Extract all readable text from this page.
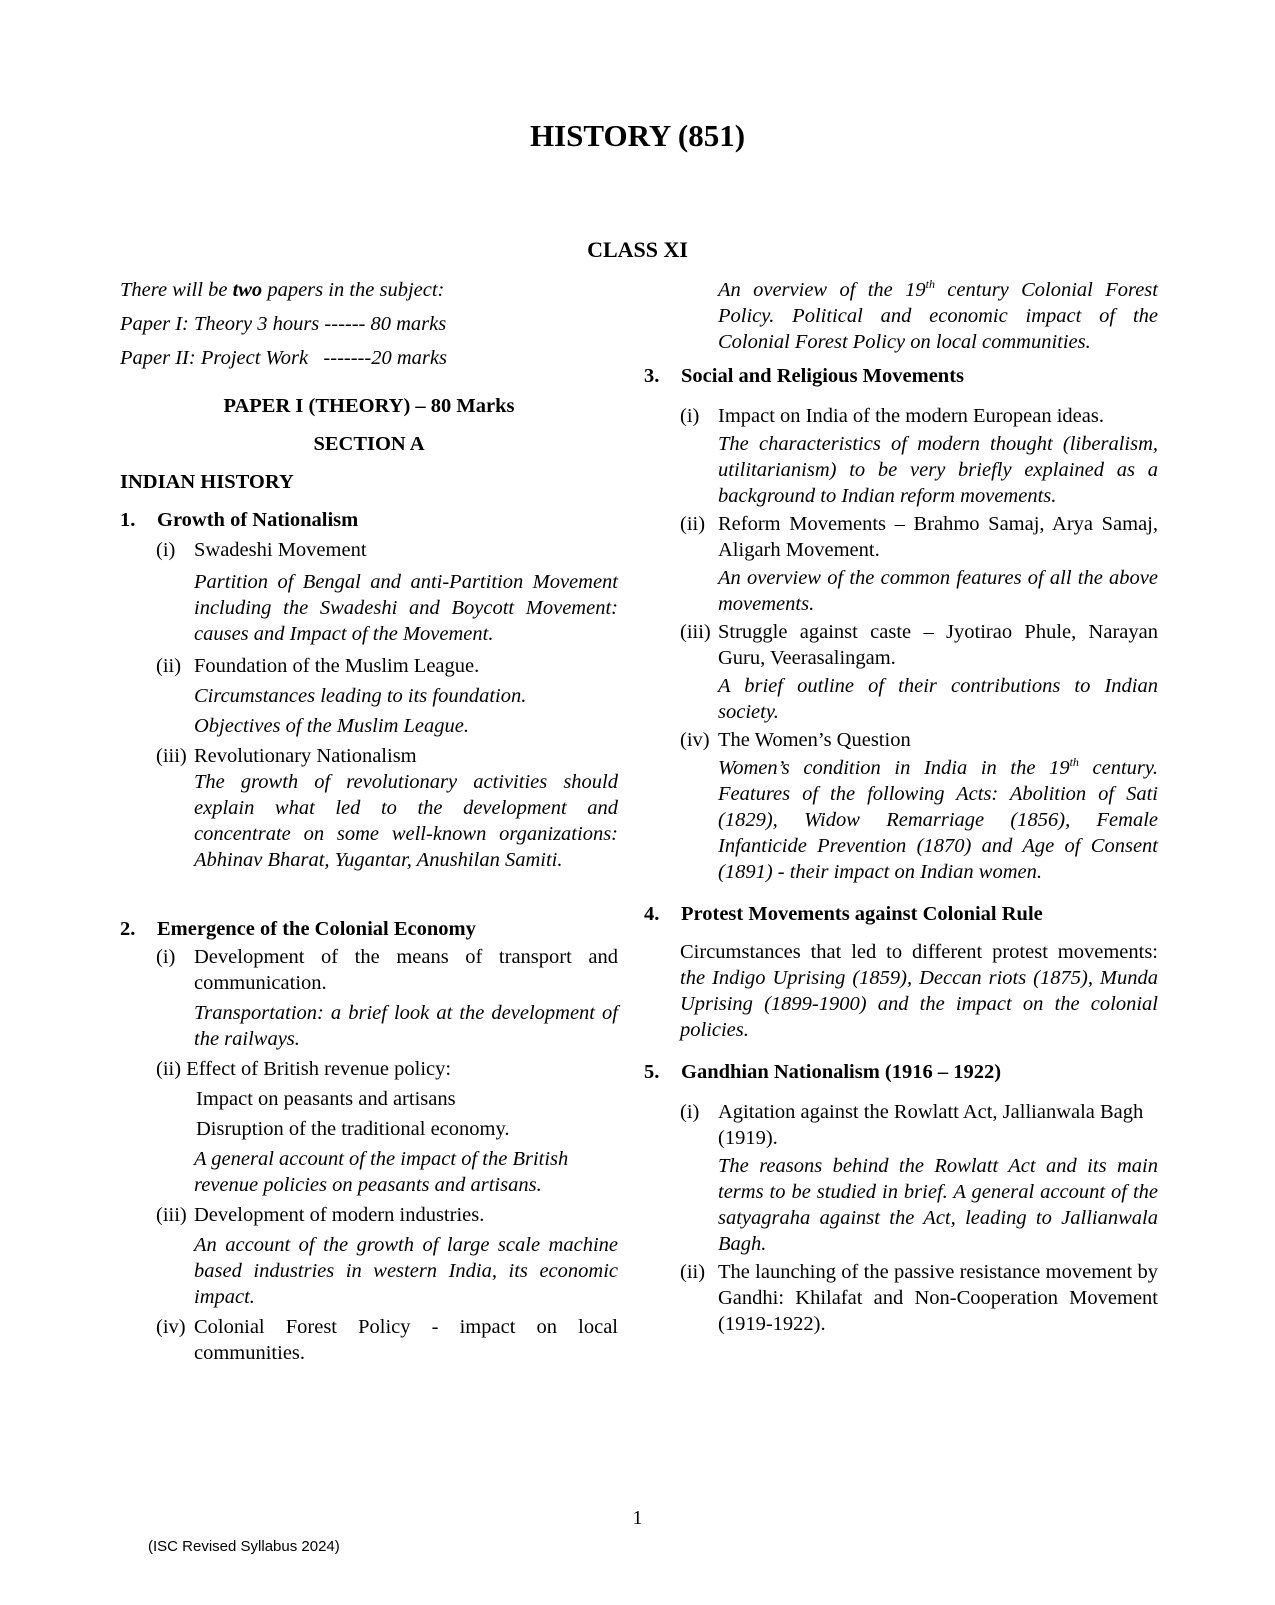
HISTORY (851)
CLASS XI
There will be two papers in the subject:
Paper I: Theory 3 hours ------ 80 marks
Paper II: Project Work   -------20 marks
PAPER I (THEORY) – 80 Marks
SECTION A
INDIAN HISTORY
1.	Growth of Nationalism
(i) Swadeshi Movement
Partition of Bengal and anti-Partition Movement including the Swadeshi and Boycott Movement: causes and Impact of the Movement.
(ii) Foundation of the Muslim League.
Circumstances leading to its foundation.
Objectives of the Muslim League.
(iii) Revolutionary Nationalism
The growth of revolutionary activities should explain what led to the development and concentrate on some well-known organizations: Abhinav Bharat, Yugantar, Anushilan Samiti.
2.	Emergence of the Colonial Economy
(i) Development of the means of transport and communication.
Transportation: a brief look at the development of the railways.
(ii) Effect of British revenue policy:
Impact on peasants and artisans
Disruption of the traditional economy.
A general account of the impact of the British revenue policies on peasants and artisans.
(iii) Development of modern industries.
An account of the growth of large scale machine based industries in western India, its economic impact.
(iv) Colonial Forest Policy - impact on local communities.
An overview of the 19th century Colonial Forest Policy. Political and economic impact of the Colonial Forest Policy on local communities.
3.	Social and Religious Movements
(i) Impact on India of the modern European ideas.
The characteristics of modern thought (liberalism, utilitarianism) to be very briefly explained as a background to Indian reform movements.
(ii) Reform Movements – Brahmo Samaj, Arya Samaj, Aligarh Movement.
An overview of the common features of all the above movements.
(iii) Struggle against caste – Jyotirao Phule, Narayan Guru, Veerasalingam.
A brief outline of their contributions to Indian society.
(iv) The Women’s Question
Women’s condition in India in the 19th century. Features of the following Acts: Abolition of Sati (1829), Widow Remarriage (1856), Female Infanticide Prevention (1870) and Age of Consent (1891) - their impact on Indian women.
4.	Protest Movements against Colonial Rule
Circumstances that led to different protest movements: the Indigo Uprising (1859), Deccan riots (1875), Munda Uprising (1899-1900) and the impact on the colonial policies.
5.	Gandhian Nationalism (1916 – 1922)
(i) Agitation against the Rowlatt Act, Jallianwala Bagh (1919).
The reasons behind the Rowlatt Act and its main terms to be studied in brief. A general account of the satyagraha against the Act, leading to Jallianwala Bagh.
(ii) The launching of the passive resistance movement by Gandhi: Khilafat and Non-Cooperation Movement (1919-1922).
1
(ISC Revised Syllabus 2024)
